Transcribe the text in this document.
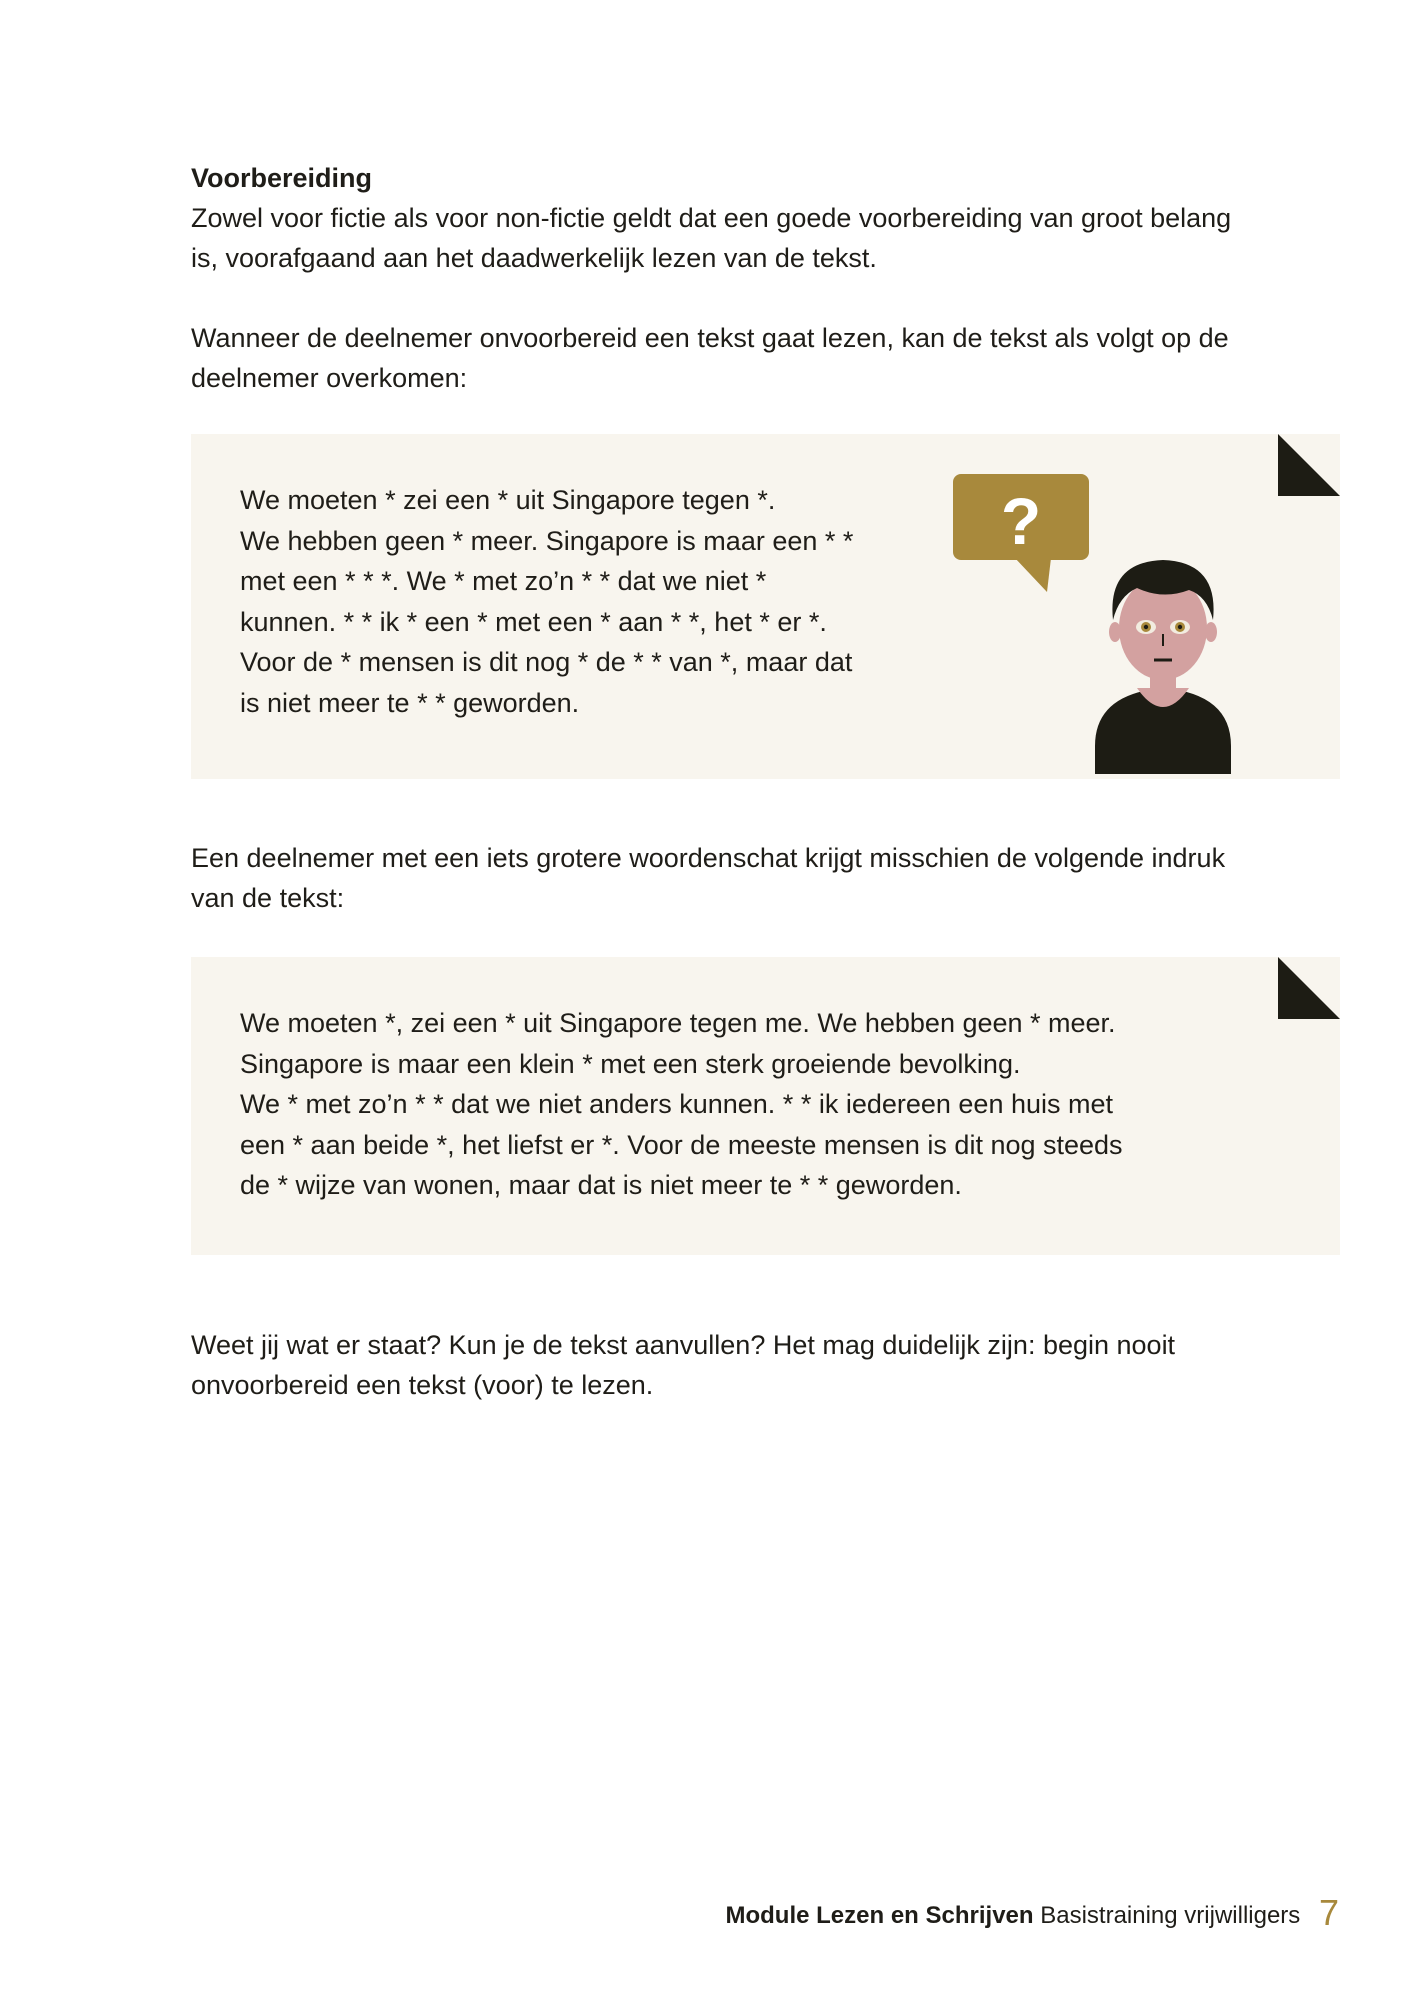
Voorbereiding

Zowel voor fictie als voor non-fictie geldt dat een goede voorbereiding van groot belang
is, voorafgaand aan het daadwerkelijk lezen van de tekst.

Wanneer de deelnemer onvoorbereid een tekst gaat lezen, kan de tekst als volgt op de
deelnemer overkomen:

We moeten * zei een * uit Singapore tegen *.
We hebben geen * meer. Singapore is maar een * *
met een * * *. We * met zo’n * * dat we niet *
kunnen. * * ik * een * met een * aan * *, het * er *.
Voor de * mensen is dit nog * de * * van *, maar dat
is niet meer te * * geworden.
?

Een deelnemer met een iets grotere woordenschat krijgt misschien de volgende indruk
van de tekst:

We moeten *, zei een * uit Singapore tegen me. We hebben geen * meer.
Singapore is maar een klein * met een sterk groeiende bevolking.
We * met zo’n * * dat we niet anders kunnen. * * ik iedereen een huis met
een * aan beide *, het liefst er *. Voor de meeste mensen is dit nog steeds
de * wijze van wonen, maar dat is niet meer te * * geworden.

Weet jij wat er staat? Kun je de tekst aanvullen? Het mag duidelijk zijn: begin nooit
onvoorbereid een tekst (voor) te lezen.

Module Lezen en Schrijven Basistraining vrijwilligers 7
